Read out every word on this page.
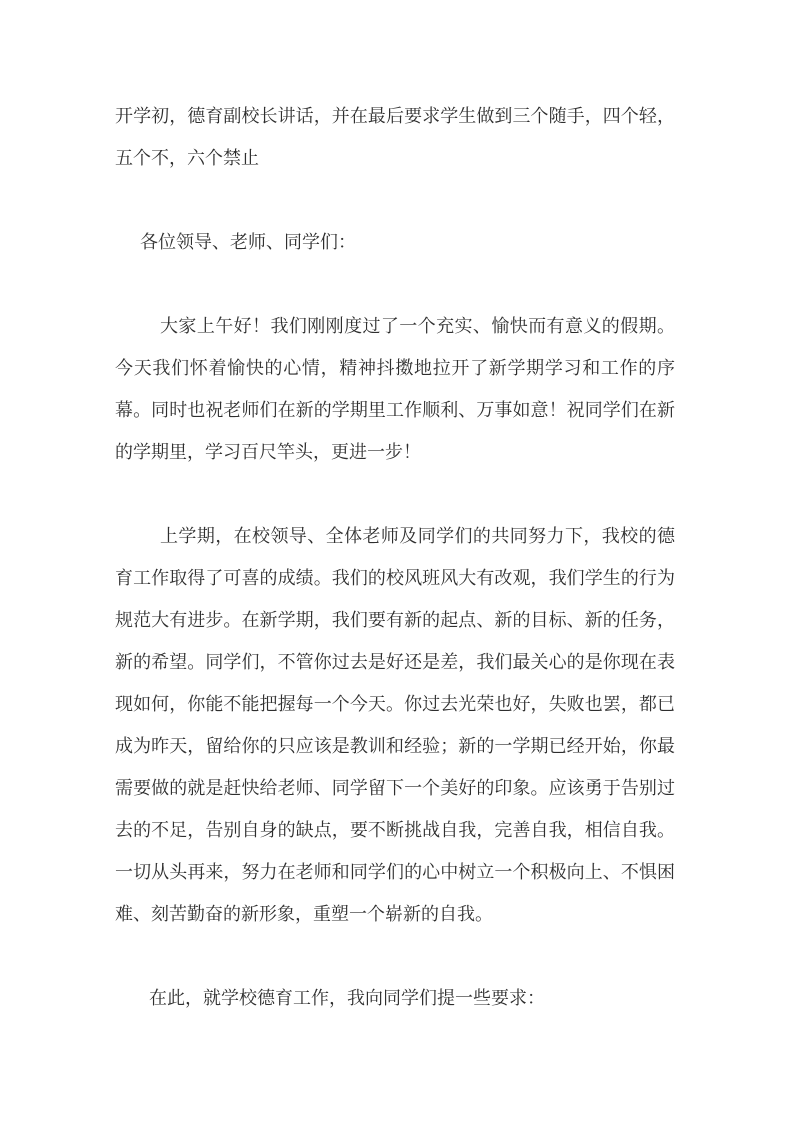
开学初，德育副校长讲话，并在最后要求学生做到三个随手，四个轻，五个不，六个禁止

各位领导、老师、同学们：

大家上午好！我们刚刚度过了一个充实、愉快而有意义的假期。今天我们怀着愉快的心情，精神抖擞地拉开了新学期学习和工作的序幕。同时也祝老师们在新的学期里工作顺利、万事如意！祝同学们在新的学期里，学习百尺竿头，更进一步！

上学期，在校领导、全体老师及同学们的共同努力下，我校的德育工作取得了可喜的成绩。我们的校风班风大有改观，我们学生的行为规范大有进步。在新学期，我们要有新的起点、新的目标、新的任务，新的希望。同学们，不管你过去是好还是差，我们最关心的是你现在表现如何，你能不能把握每一个今天。你过去光荣也好，失败也罢，都已成为昨天，留给你的只应该是教训和经验；新的一学期已经开始，你最需要做的就是赶快给老师、同学留下一个美好的印象。应该勇于告别过去的不足，告别自身的缺点，要不断挑战自我，完善自我，相信自我。一切从头再来，努力在老师和同学们的心中树立一个积极向上、不惧困难、刻苦勤奋的新形象，重塑一个崭新的自我。

在此，就学校德育工作，我向同学们提一些要求：
